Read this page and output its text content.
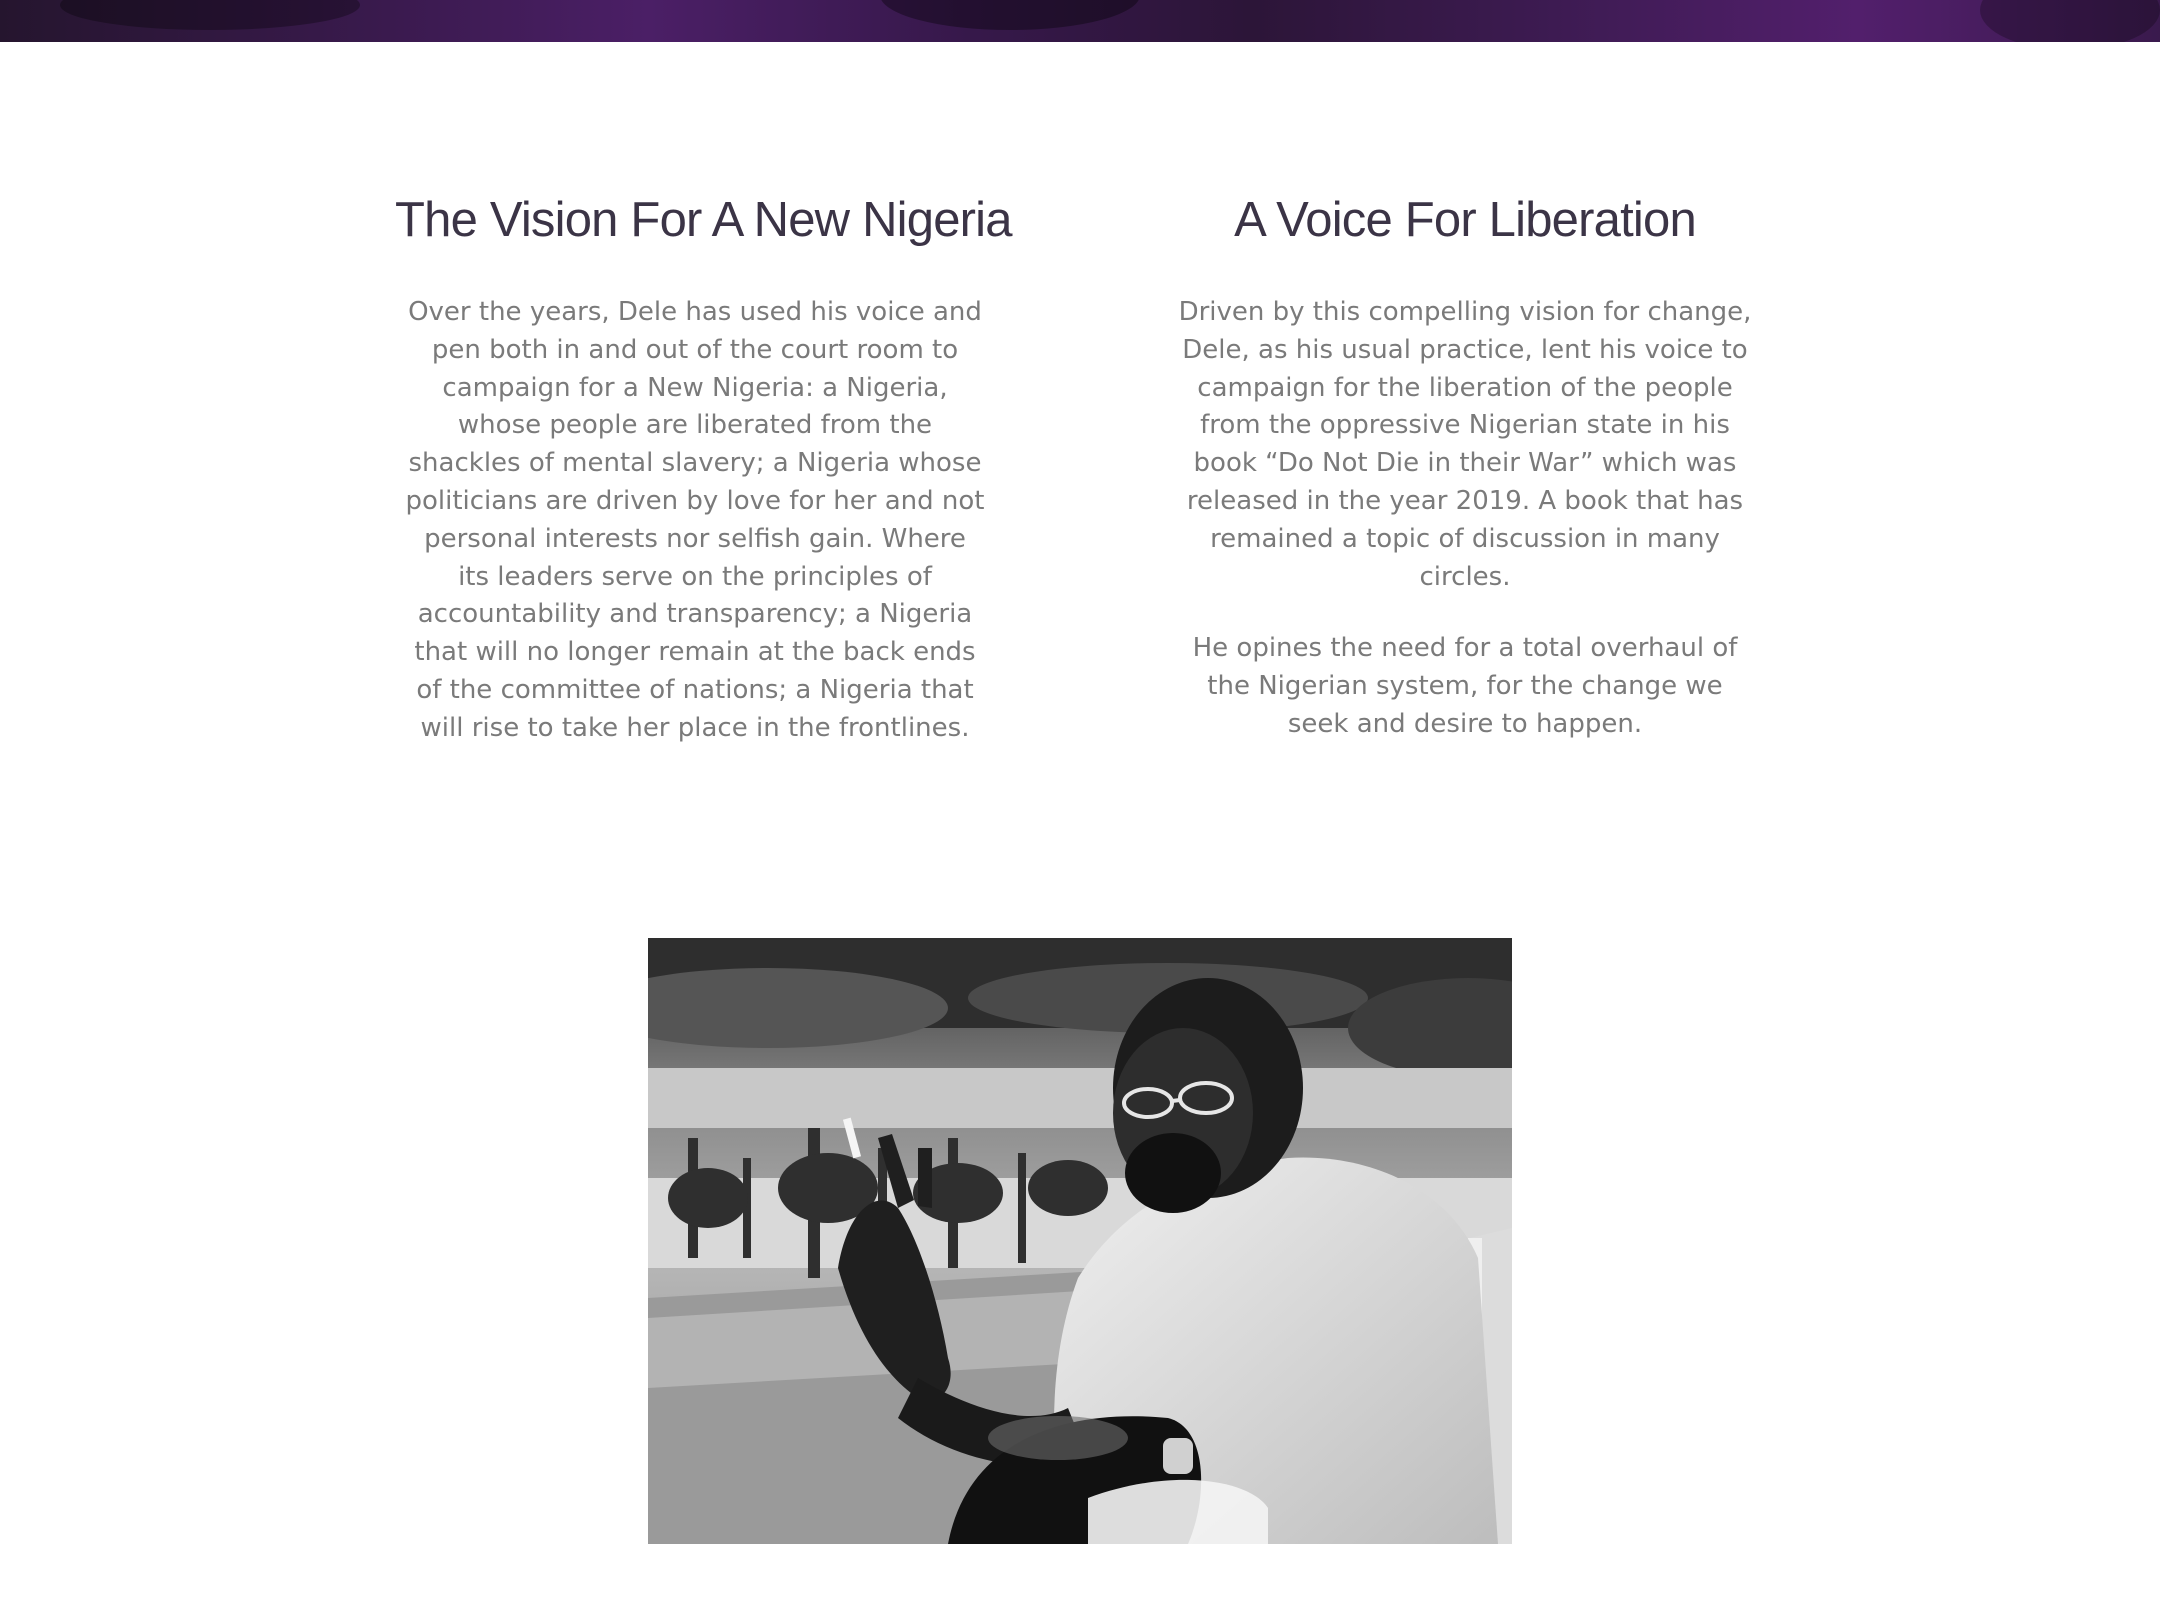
The Vision For A New Nigeria

Over the years, Dele has used his voice and pen both in and out of the court room to campaign for a New Nigeria: a Nigeria, whose people are liberated from the shackles of mental slavery; a Nigeria whose politicians are driven by love for her and not personal interests nor selfish gain. Where its leaders serve on the principles of accountability and transparency; a Nigeria that will no longer remain at the back ends of the committee of nations; a Nigeria that will rise to take her place in the frontlines.

A Voice For Liberation

Driven by this compelling vision for change, Dele, as his usual practice, lent his voice to campaign for the liberation of the people from the oppressive Nigerian state in his book “Do Not Die in their War” which was released in the year 2019. A book that has remained a topic of discussion in many circles.

He opines the need for a total overhaul of the Nigerian system, for the change we seek and desire to happen.
